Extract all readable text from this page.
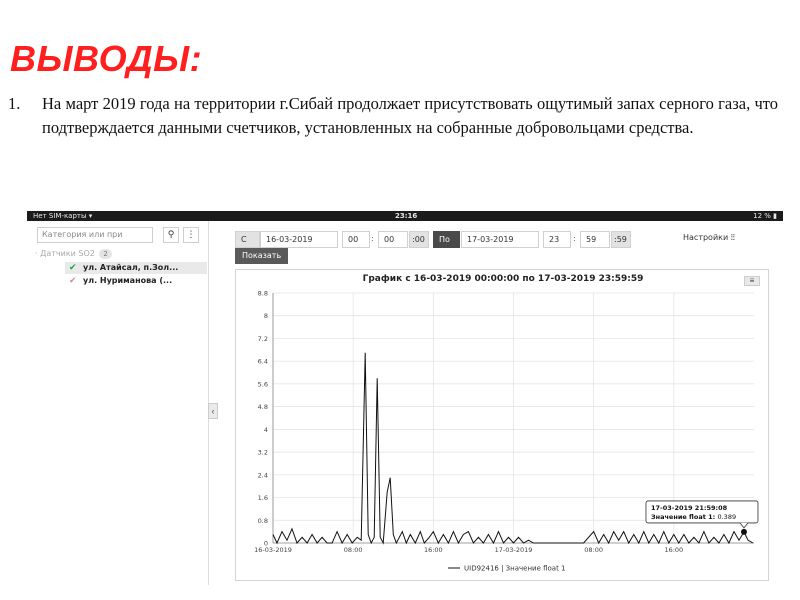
ВЫВОДЫ:
1. На март 2019 года на территории г.Сибай продолжает присутствовать ощутимый запах серного газа, что подтверждается данными счетчиков, установленных на собранные добровольцами средства.
Нет SIM-карты ▾	23:16	12 % ▮
Категория или при	⚲	⋮
· Датчики SO2 2
✔ ул. Атайсал, п.Зол...
✔ ул. Нуриманова (...
‹
С	16-03-2019	00	:	00	:00	По	17-03-2019	23	:	59	:59
Показать
Настройки ⫶⫶
График с 16-03-2019 00:00:00 по 17-03-2019 23:59:59	≡
0
0.8
1.6
2.4
3.2
4
4.8
5.6
6.4
7.2
8
8.8
16-03-2019	08:00	16:00	17-03-2019	08:00	16:00
17-03-2019 21:59:08
Значение float 1: 0.389
UID92416 | Значение float 1
